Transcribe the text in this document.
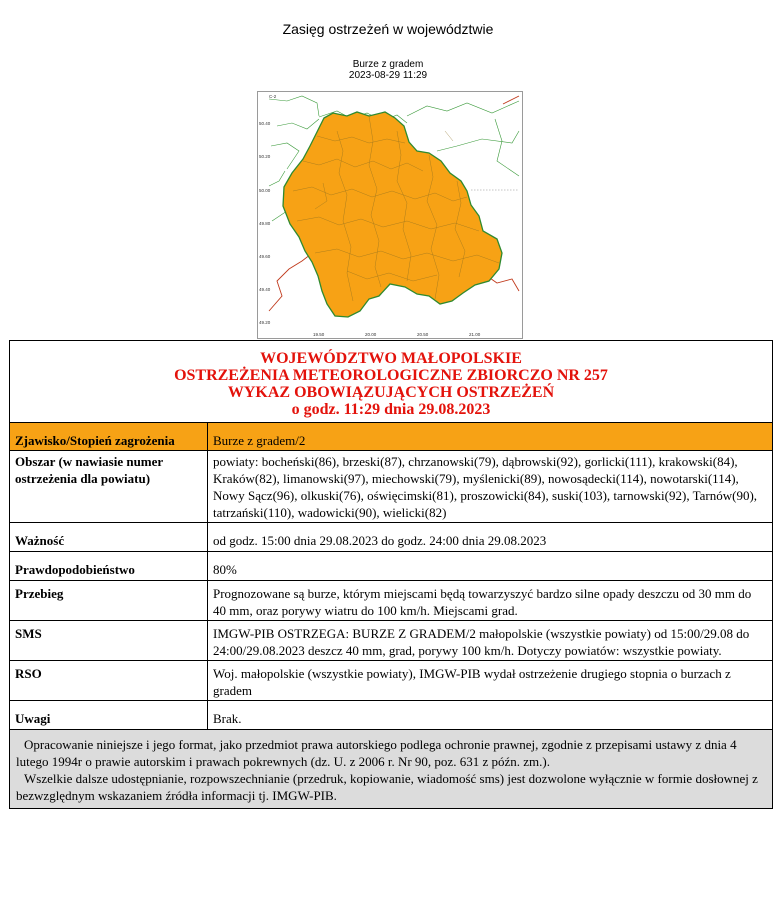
Zasięg ostrzeżeń w województwie
Burze z gradem
2023-08-29 11:29
C-2
50.40
50.20
50.00
49.80
49.60
49.40
49.20
19.50	20.00	20.50	21.00
WOJEWÓDZTWO MAŁOPOLSKIE
OSTRZEŻENIA METEOROLOGICZNE ZBIORCZO NR 257
WYKAZ OBOWIĄZUJĄCYCH OSTRZEŻEŃ
o godz. 11:29 dnia 29.08.2023	

Zjawisko/Stopień zagrożenia	Burze z gradem/2
Obszar (w nawiasie numer ostrzeżenia dla powiatu)	powiaty: bocheński(86), brzeski(87), chrzanowski(79), dąbrowski(92), gorlicki(111), krakowski(84), Kraków(82), limanowski(97), miechowski(79), myślenicki(89), nowosądecki(114), nowotarski(114), Nowy Sącz(96), olkuski(76), oświęcimski(81), proszowicki(84), suski(103), tarnowski(92), Tarnów(90), tatrzański(110), wadowicki(90), wielicki(82)
Ważność	od godz. 15:00 dnia 29.08.2023 do godz. 24:00 dnia 29.08.2023
Prawdopodobieństwo	80%
Przebieg	Prognozowane są burze, którym miejscami będą towarzyszyć bardzo silne opady deszczu od 30 mm do 40 mm, oraz porywy wiatru do 100 km/h. Miejscami grad.
SMS	IMGW-PIB OSTRZEGA: BURZE Z GRADEM/2 małopolskie (wszystkie powiaty) od 15:00/29.08 do 24:00/29.08.2023 deszcz 40 mm, grad, porywy 100 km/h. Dotyczy powiatów: wszystkie powiaty.
RSO	Woj. małopolskie (wszystkie powiaty), IMGW-PIB wydał ostrzeżenie drugiego stopnia o burzach z gradem
Uwagi	Brak.

Opracowanie niniejsze i jego format, jako przedmiot prawa autorskiego podlega ochronie prawnej, zgodnie z przepisami ustawy z dnia 4 lutego 1994r o prawie autorskim i prawach pokrewnych (dz. U. z 2006 r. Nr 90, poz. 631 z późn. zm.).
Wszelkie dalsze udostępnianie, rozpowszechnianie (przedruk, kopiowanie, wiadomość sms) jest dozwolone wyłącznie w formie dosłownej z bezwzględnym wskazaniem źródła informacji tj. IMGW-PIB.	
